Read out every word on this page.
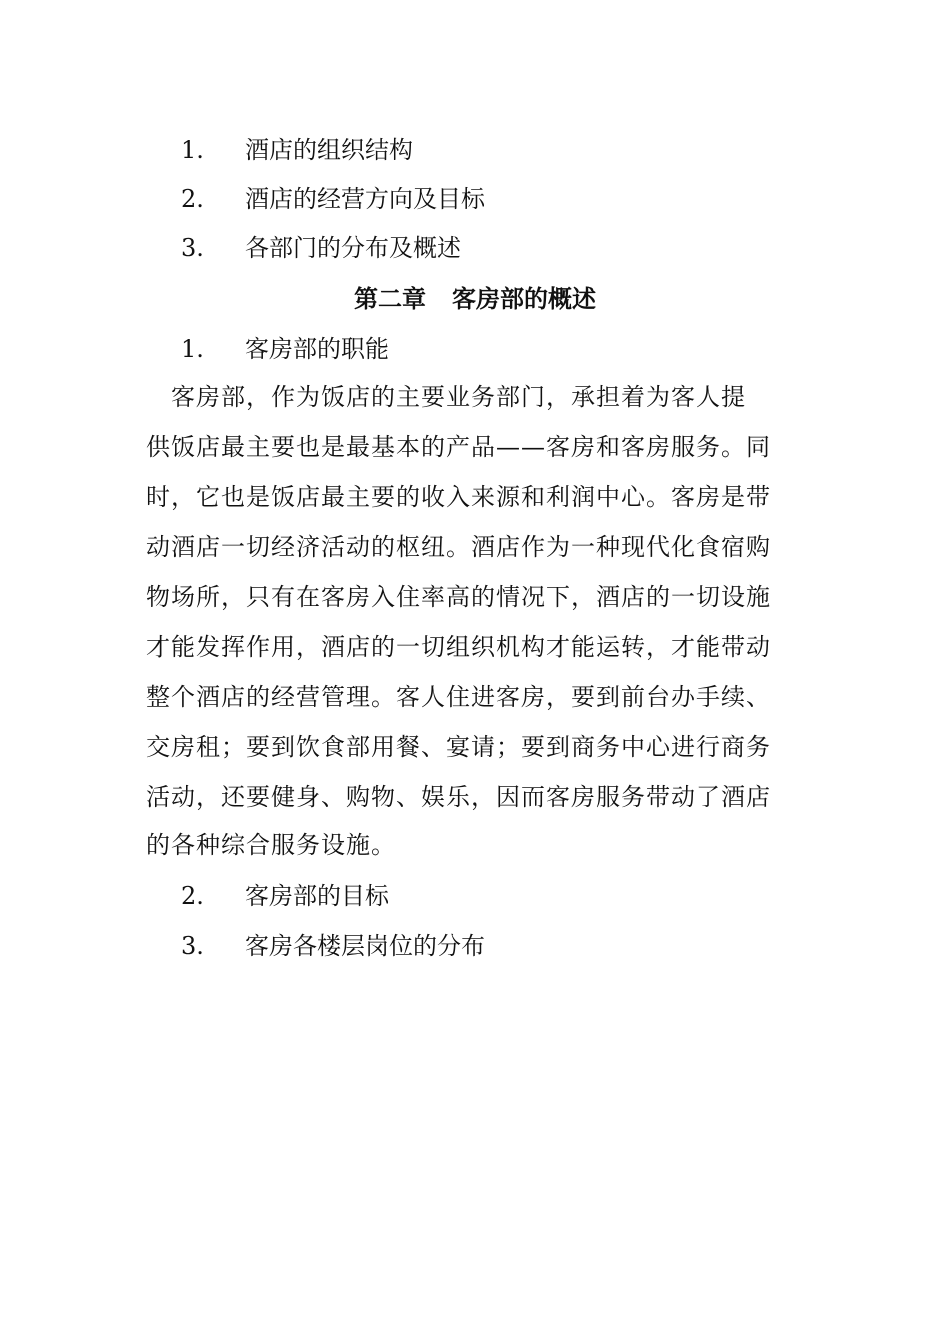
1.	酒店的组织结构
2.	酒店的经营方向及目标
3.	各部门的分布及概述
第二章 客房部的概述
1.	客房部的职能
　客房部，作为饭店的主要业务部门，承担着为客人提
供饭店最主要也是最基本的产品——客房和客房服务。同
时，它也是饭店最主要的收入来源和利润中心。客房是带
动酒店一切经济活动的枢纽。酒店作为一种现代化食宿购
物场所，只有在客房入住率高的情况下，酒店的一切设施
才能发挥作用，酒店的一切组织机构才能运转，才能带动
整个酒店的经营管理。客人住进客房，要到前台办手续、
交房租；要到饮食部用餐、宴请；要到商务中心进行商务
活动，还要健身、购物、娱乐，因而客房服务带动了酒店
的各种综合服务设施。
2.	客房部的目标
3.	客房各楼层岗位的分布
